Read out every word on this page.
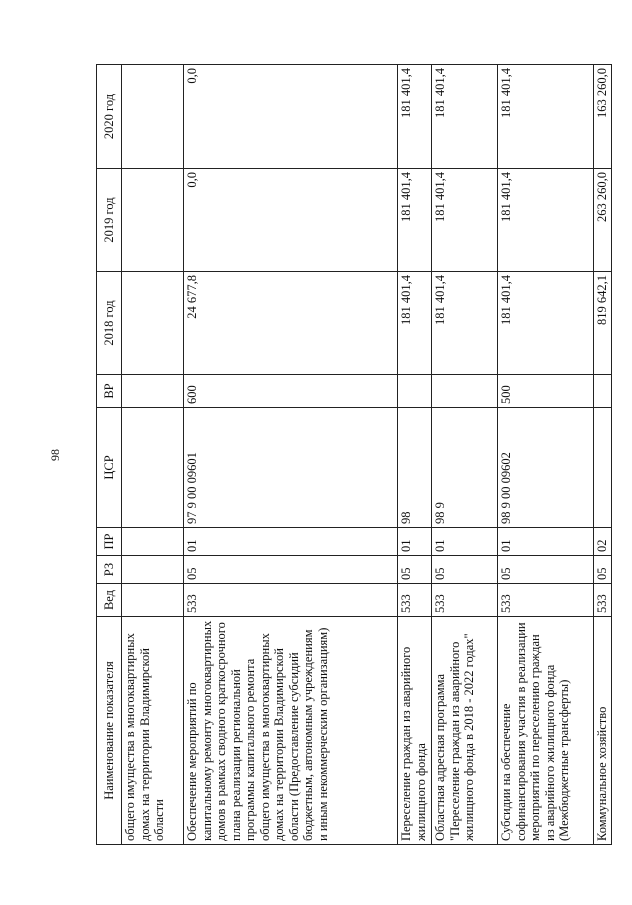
98
Наименование показателя	Вед	РЗ	ПР	ЦСР	ВР	2018 год	2019 год	2020 год
общего имущества в многоквартирных домах на территории Владимирской области								
Обеспечение мероприятий по капитальному ремонту многоквартирных домов в рамках сводного краткосрочного плана реализации региональной программы капитального ремонта общего имущества в многоквартирных домах на территории Владимирской области (Предоставление субсидий бюджетным, автономным учреждениям и иным некоммерческим организациям)	533	05	01	97 9 00 09601	600	24 677,8	0,0	0,0
Переселение граждан из аварийного жилищного фонда	533	05	01	98		181 401,4	181 401,4	181 401,4
Областная адресная программа "Переселение граждан из аварийного жилищного фонда в 2018 - 2022 годах"	533	05	01	98 9		181 401,4	181 401,4	181 401,4
Субсидии на обеспечение софинансирования участия в реализации мероприятий по переселению граждан из аварийного жилищного фонда (Межбюджетные трансферты)	533	05	01	98 9 00 09602	500	181 401,4	181 401,4	181 401,4
Коммунальное хозяйство	533	05	02			819 642,1	263 260,0	163 260,0
